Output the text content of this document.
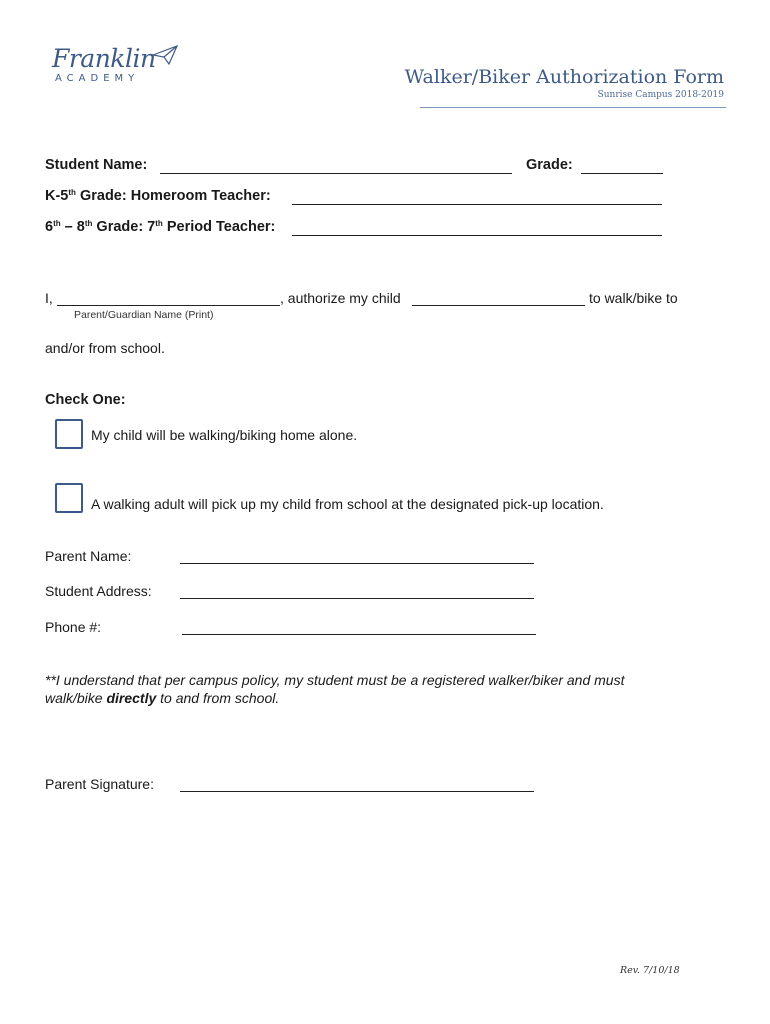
Franklin
ACADEMY	Walker/Biker Authorization Form
Sunrise Campus 2018-2019
Student Name:	Grade:
K-5th Grade: Homeroom Teacher:
6th – 8th Grade: 7th Period Teacher:
I,	, authorize my child	to walk/bike to
Parent/Guardian Name (Print)
and/or from school.
Check One:
My child will be walking/biking home alone.
A walking adult will pick up my child from school at the designated pick-up location.
Parent Name:
Student Address:
Phone #:
**I understand that per campus policy, my student must be a registered walker/biker and must
walk/bike directly to and from school.
Parent Signature:
Rev. 7/10/18
